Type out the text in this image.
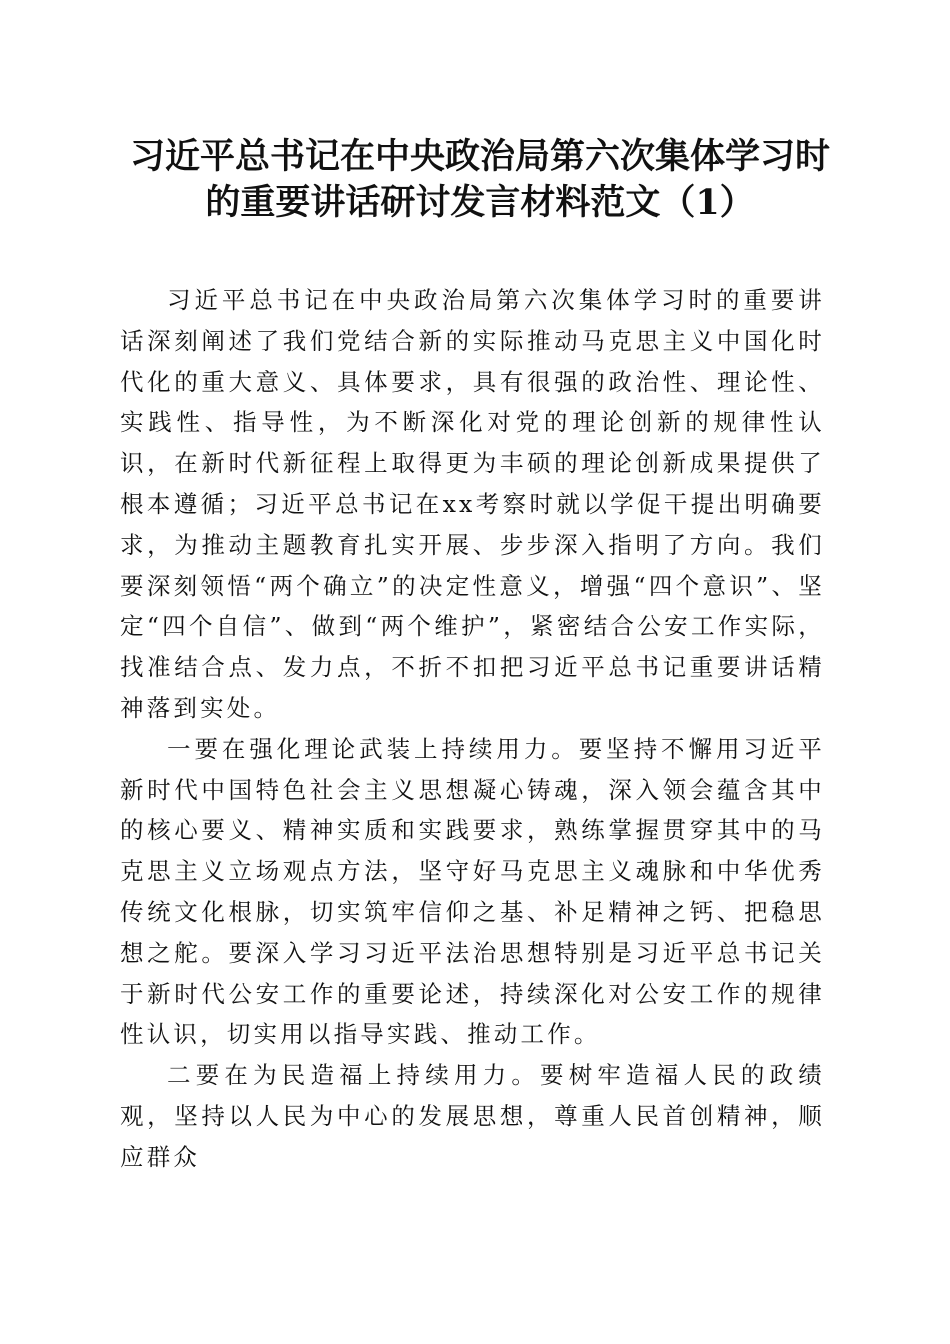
习近平总书记在中央政治局第六次集体学习时
的重要讲话研讨发言材料范文（1）

习近平总书记在中央政治局第六次集体学习时的重要讲话深刻阐述了我们党结合新的实际推动马克思主义中国化时代化的重大意义、具体要求，具有很强的政治性、理论性、实践性、指导性，为不断深化对党的理论创新的规律性认识，在新时代新征程上取得更为丰硕的理论创新成果提供了根本遵循；习近平总书记在xx考察时就以学促干提出明确要求，为推动主题教育扎实开展、步步深入指明了方向。我们要深刻领悟“两个确立”的决定性意义，增强“四个意识”、坚定“四个自信”、做到“两个维护”，紧密结合公安工作实际，找准结合点、发力点，不折不扣把习近平总书记重要讲话精神落到实处。

一要在强化理论武装上持续用力。要坚持不懈用习近平新时代中国特色社会主义思想凝心铸魂，深入领会蕴含其中的核心要义、精神实质和实践要求，熟练掌握贯穿其中的马克思主义立场观点方法，坚守好马克思主义魂脉和中华优秀传统文化根脉，切实筑牢信仰之基、补足精神之钙、把稳思想之舵。要深入学习习近平法治思想特别是习近平总书记关于新时代公安工作的重要论述，持续深化对公安工作的规律性认识，切实用以指导实践、推动工作。

二要在为民造福上持续用力。要树牢造福人民的政绩观，坚持以人民为中心的发展思想，尊重人民首创精神，顺应群众
